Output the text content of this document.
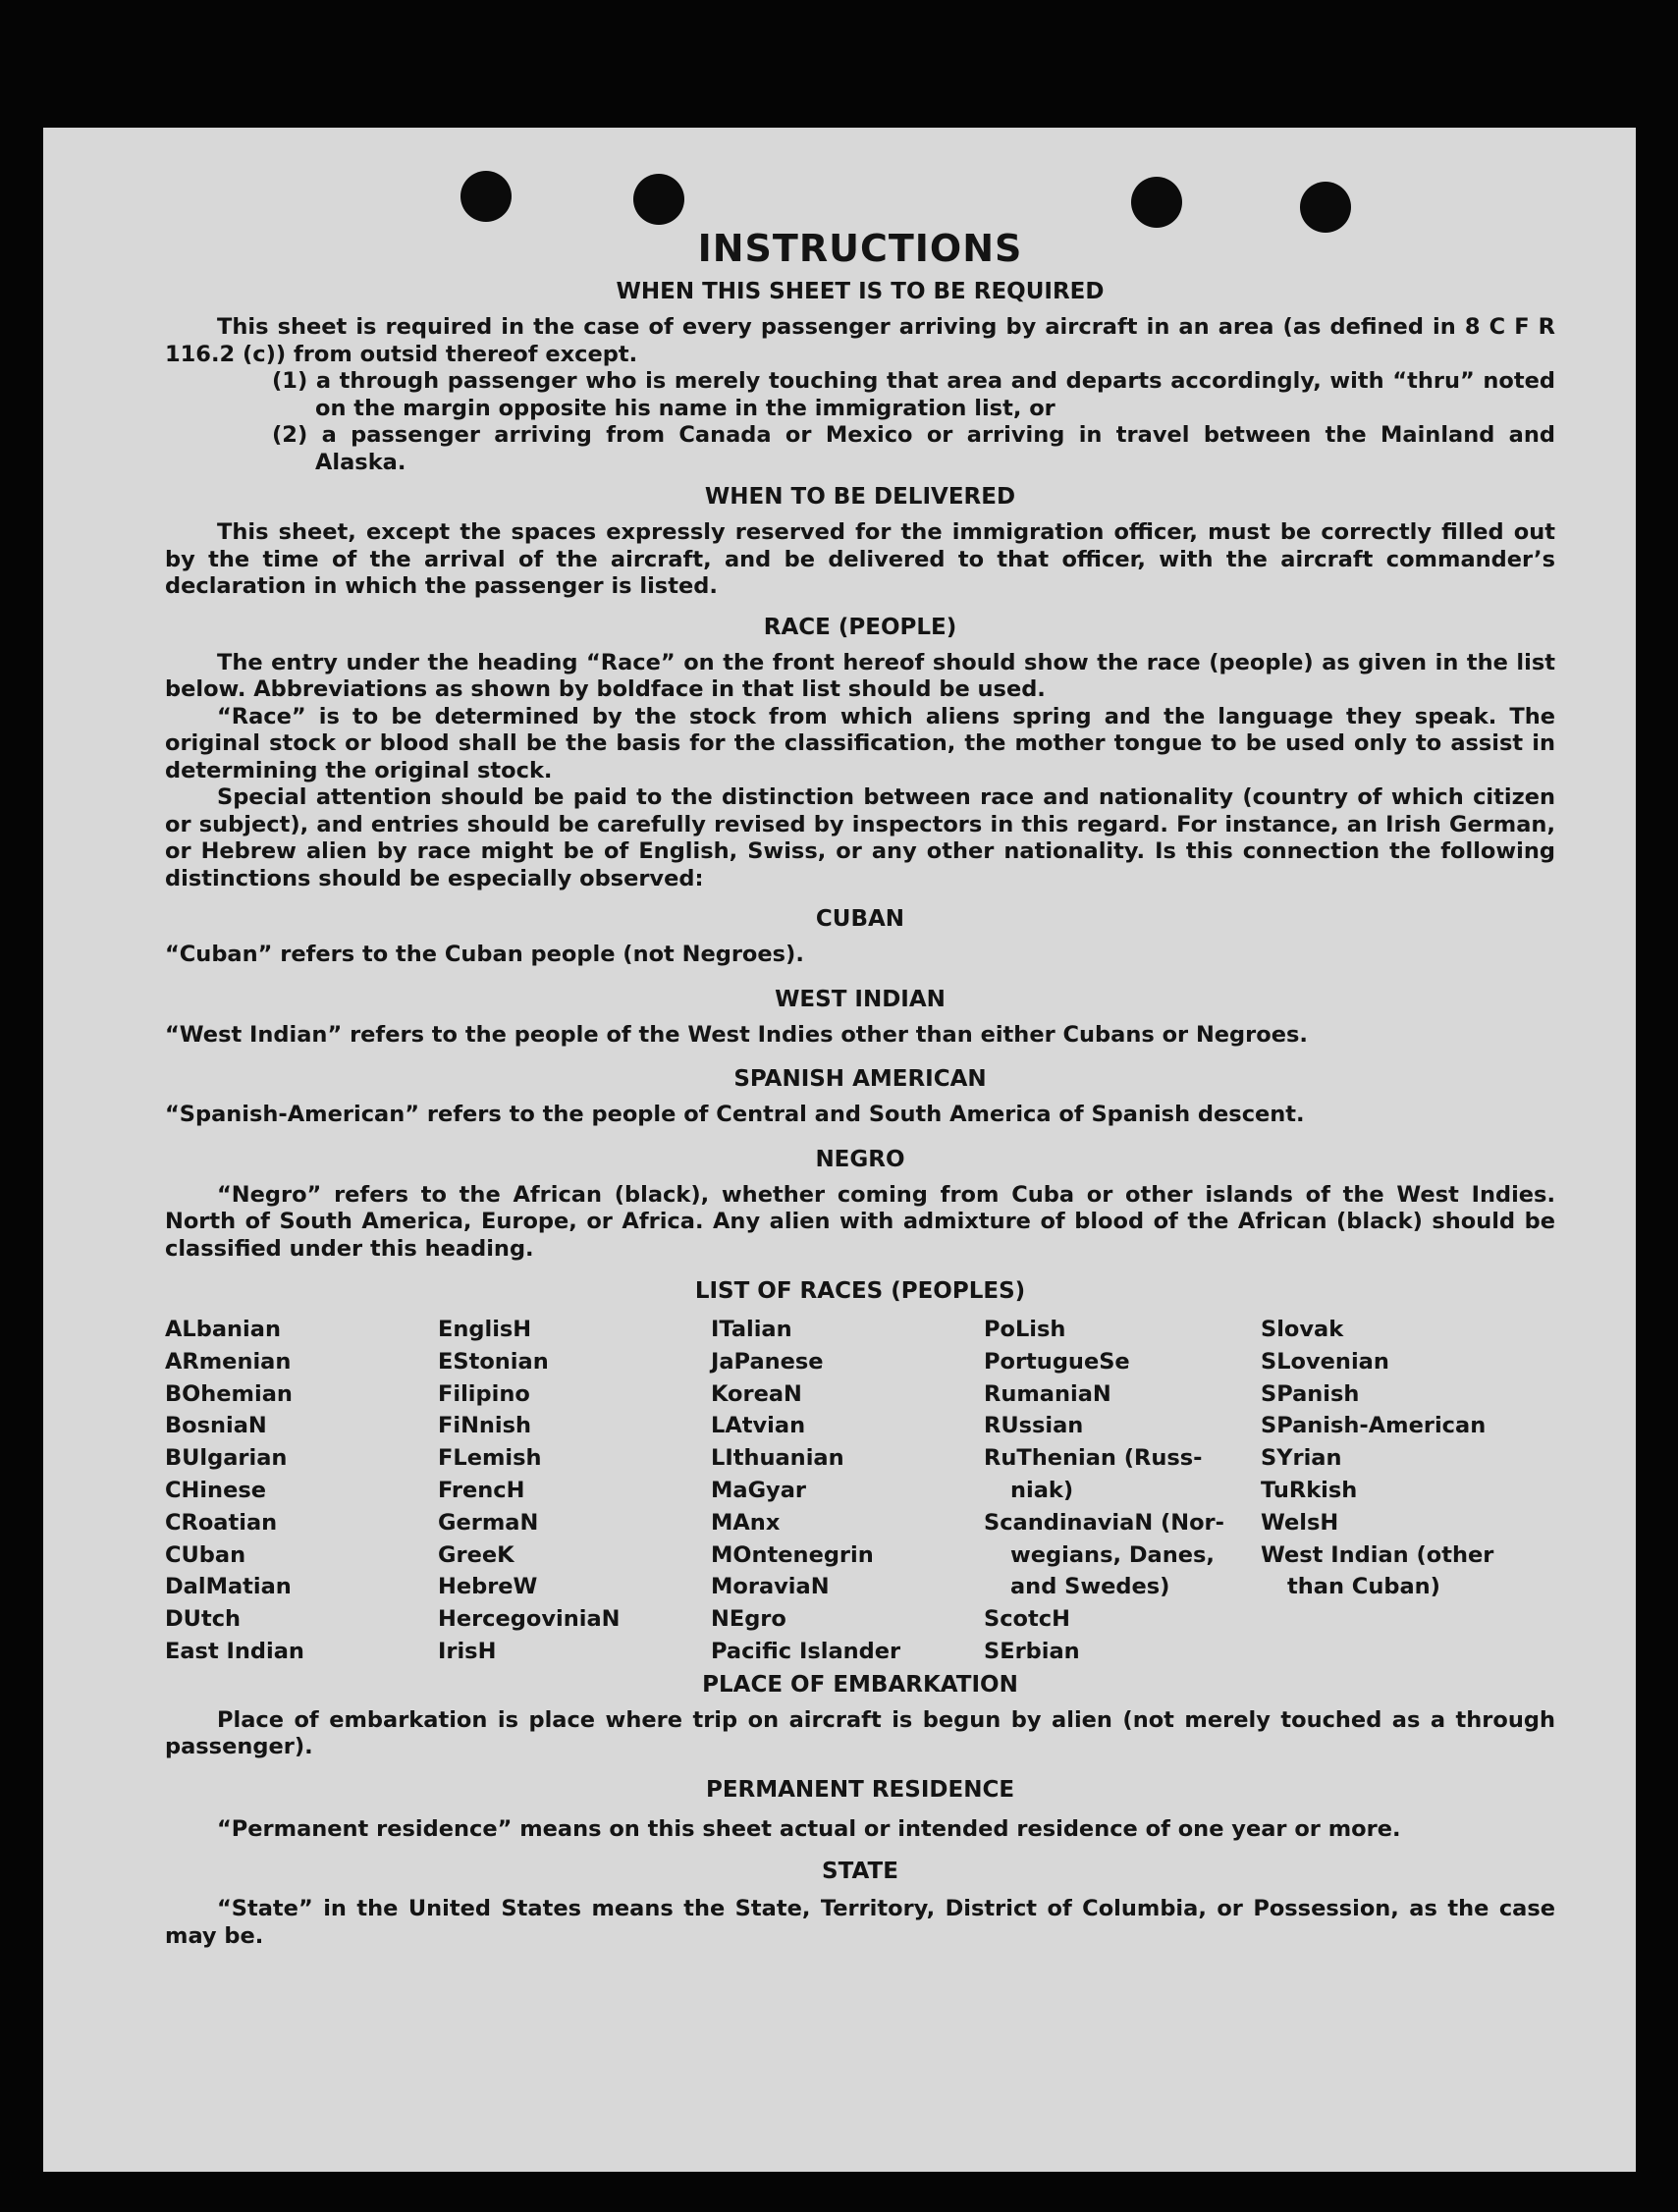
INSTRUCTIONS
WHEN THIS SHEET IS TO BE REQUIRED

This sheet is required in the case of every passenger arriving by aircraft in an area (as defined in 8 C F R 116.2 (c)) from outsid thereof except.

(1) a through passenger who is merely touching that area and departs accordingly, with “thru” noted on the margin opposite his name in the immigration list, or

(2) a passenger arriving from Canada or Mexico or arriving in travel between the Mainland and Alaska.

WHEN TO BE DELIVERED

This sheet, except the spaces expressly reserved for the immigration officer, must be correctly filled out by the time of the arrival of the aircraft, and be delivered to that officer, with the aircraft commander’s declaration in which the passenger is listed.

RACE (PEOPLE)

The entry under the heading “Race” on the front hereof should show the race (people) as given in the list below. Abbreviations as shown by boldface in that list should be used.

“Race” is to be determined by the stock from which aliens spring and the language they speak. The original stock or blood shall be the basis for the classification, the mother tongue to be used only to assist in determining the original stock.

Special attention should be paid to the distinction between race and nationality (country of which citizen or subject), and entries should be carefully revised by inspectors in this regard. For instance, an Irish German, or Hebrew alien by race might be of English, Swiss, or any other nationality. Is this connection the following distinctions should be especially observed:

CUBAN

“Cuban” refers to the Cuban people (not Negroes).

WEST INDIAN

“West Indian” refers to the people of the West Indies other than either Cubans or Negroes.

SPANISH AMERICAN

“Spanish-American” refers to the people of Central and South America of Spanish descent.

NEGRO

“Negro” refers to the African (black), whether coming from Cuba or other islands of the West Indies. North of South America, Europe, or Africa. Any alien with admixture of blood of the African (black) should be classified under this heading.

LIST OF RACES (PEOPLES)
ALbanian
ARmenian
BOhemian
BosniaN
BUlgarian
CHinese
CRoatian
CUban
DalMatian
DUtch
East Indian
EnglisH
EStonian
Filipino
FiNnish
FLemish
FrencH
GermaN
GreeK
HebreW
HercegoviniaN
IrisH
ITalian
JaPanese
KoreaN
LAtvian
LIthuanian
MaGyar
MAnx
MOntenegrin
MoraviaN
NEgro
Pacific Islander
PoLish
PortugueSe
RumaniaN
RUssian
RuThenian (Russ-
niak)
ScandinaviaN (Nor-
wegians, Danes,
and Swedes)
ScotcH
SErbian
Slovak
SLovenian
SPanish
SPanish-American
SYrian
TuRkish
WelsH
West Indian (other
than Cuban)
PLACE OF EMBARKATION

Place of embarkation is place where trip on aircraft is begun by alien (not merely touched as a through passenger).

PERMANENT RESIDENCE

“Permanent residence” means on this sheet actual or intended residence of one year or more.

STATE

“State” in the United States means the State, Territory, District of Columbia, or Possession, as the case may be.
